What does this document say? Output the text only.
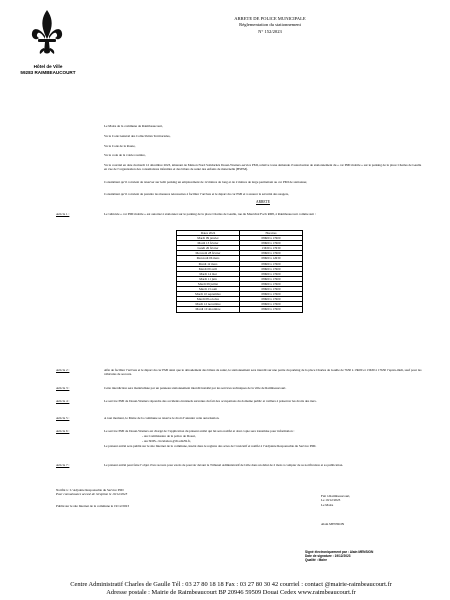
Hôtel de Ville
59283 RAIMBEAUCOURT
ARRETE DE POLICE MUNICIPALE
Réglementation du stationnement
N° 152/2023
Le Maire de la commune de Raimbeaucourt,
Vu le Code Général des Collectivités Territoriales,
Vu le Code de la Route,
Vu le code de la voirie routière,
Vu le courriel en date du mardi 12 décembre 2023, émanant de Maison Nord Solidarités Douai-Waziers-service PMI, relative à une demande d’autorisation de stationnement du « car PMI mobile » sur le parking de la place Charles de Gaulle en vue de l’organisation des consultations infantiles et des bilans de santé des enfants de maternelle (BSEM).
Considérant qu’il convient de réserver sur ledit parking un emplacement de 12 mètres de long et de 2 mètres de large permettant au car PMI de stationner,
Considérant qu’il convient de prendre les mesures nécessaires à faciliter l’arrivée et le départ du car PMI et à assurer la sécurité des usagers,
ARRETE
Article 1 :	Le véhicule « car PMI mobile » est autorisé à stationner sur le parking de la place Charles de Gaulle, rue du Maréchal Foch RD8, à Raimbeaucourt comme suit :
Dates 2024	Horaires
Mardi 09 janvier	08h00 à 17h00
Mardi 13 février	08h00 à 17h00
Lundi 26 février	13h30 à 17h30
Mercredi 28 février	08h00 à 17h00
Mercredi 06 mars	08h00 à 12h30
Mardi 12 mars	08h00 à 17h00
Mardi 09 avril	08h00 à 17h00
Mardi 14 mai	08h00 à 17h00
Mardi 11 juin	08h00 à 17h00
Mardi 09 juillet	08h00 à 17h00
Mardi 13 août	08h00 à 17h00
Mardi 10 septembre	08h00 à 17h00
Mardi 08 octobre	08h00 à 17h00
Mardi 12 novembre	08h00 à 17h00
Mardi 10 décembre	08h00 à 17h00
Article 2 :	Afin de faciliter l’arrivée et le départ du car PMI ainsi que le déroulement des bilans de santé, le stationnement sera interdit sur une partie du parking de la place Charles de Gaulle de 7h30 à 13h00 et 13h30 à 17h30 l’après-midi, sauf pour les véhicules de secours.
Article 3 :	Cette interdiction sera matérialisée par un panneau stationnement interdit installé par les services techniques de la ville de Raimbeaucourt.
Article 4 :	Le service PMI de Douai-Waziers répondra des accidents éventuels survenus du fait des occupations du domaine public et veillera à préserver les droits des tiers.
Article 5 :	A tout moment, le Maire de la commune se réserve le droit d’annuler cette autorisation.
Article 6 :	Le service PMI de Douai-Waziers est chargé de l’application du présent arrêté qui lui sera notifié et dont copie sera transmise pour information :
- Au Commissaire de la police de Douai,
- Au SDIS- circulation.g59-sdis59.fr,
Le présent arrêté sera publié sur le site Internet de la commune, inséré dans le registre des actes de l’exécutif et notifié à l’Adjointe Responsable du Service PMI.
Article 7 :	Le présent arrêté peut faire l’objet d’un recours pour excès de pouvoir devant le Tribunal Administratif de Lille dans un délai de 2 mois à compter de sa notification et sa publication.
Notifié à : L’Adjointe Responsable du Service PMI
Pour connaissance accusé de réception le 19/12/2023
Publié sur le site Internet de la commune le 19/12/2023
Fait à Raimbeaucourt,
Le 19/12/2023
Le Maire
Alain MENSION
Signé électroniquement par : Alain MENSION
Date de signature : 19/12/2023
Qualité : Maire
Centre Administratif Charles de Gaulle Tél : 03 27 80 18 18 Fax : 03 27 80 30 42 courriel : contact @mairie-raimbeaucourt.fr
Adresse postale : Mairie de Raimbeaucourt BP 20946 59509 Douai Cedex www.raimbeaucourt.fr
